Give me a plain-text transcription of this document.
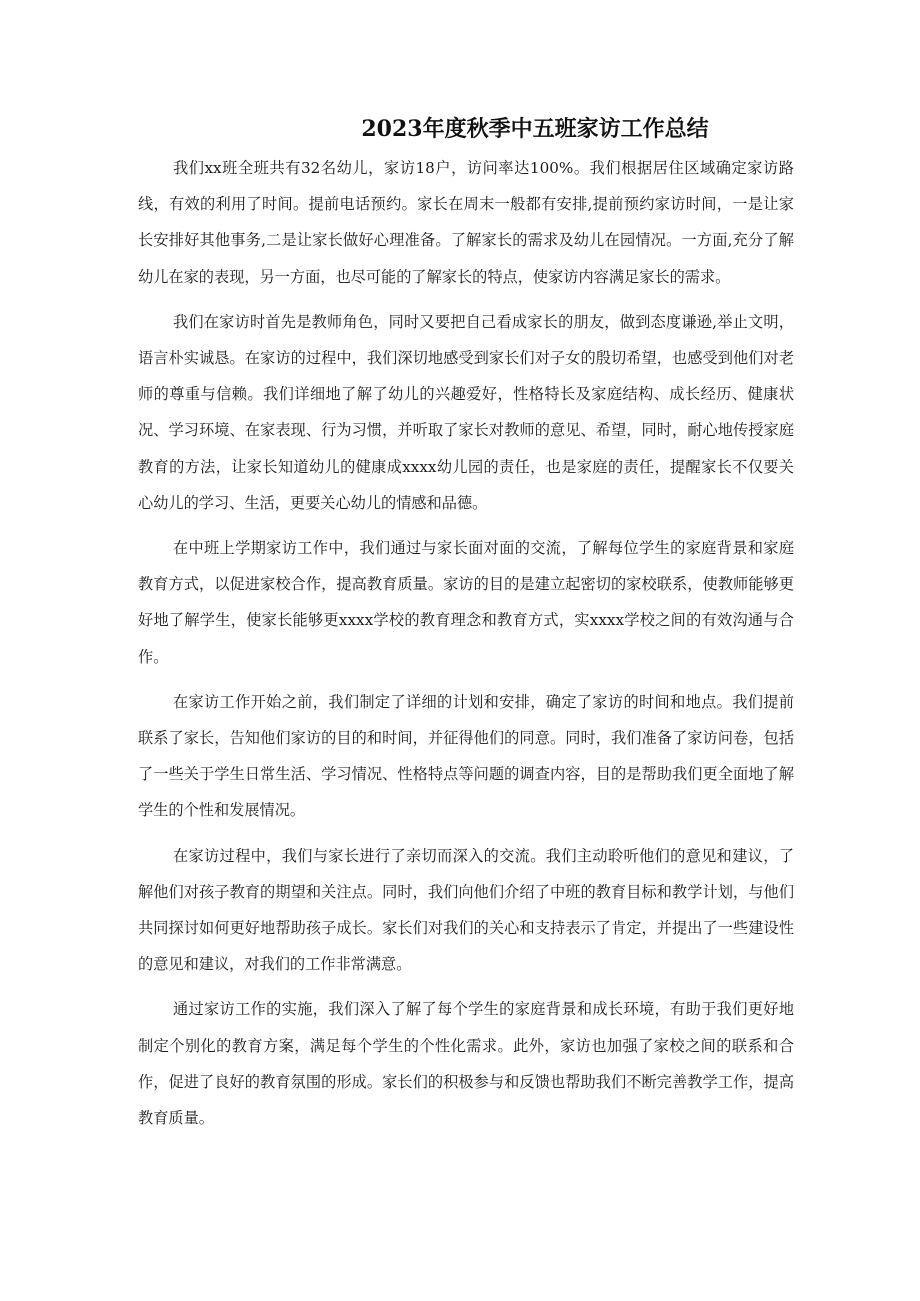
2023年度秋季中五班家访工作总结

我们xx班全班共有32名幼儿，家访18户，访问率达100%。我们根据居住区域确定家访路线，有效的利用了时间。提前电话预约。家长在周末一般都有安排,提前预约家访时间，一是让家长安排好其他事务,二是让家长做好心理准备。了解家长的需求及幼儿在园情况。一方面,充分了解幼儿在家的表现，另一方面，也尽可能的了解家长的特点，使家访内容满足家长的需求。

我们在家访时首先是教师角色，同时又要把自己看成家长的朋友，做到态度谦逊,举止文明，语言朴实诚恳。在家访的过程中，我们深切地感受到家长们对子女的殷切希望，也感受到他们对老师的尊重与信赖。我们详细地了解了幼儿的兴趣爱好，性格特长及家庭结构、成长经历、健康状况、学习环境、在家表现、行为习惯，并听取了家长对教师的意见、希望，同时，耐心地传授家庭教育的方法，让家长知道幼儿的健康成xxxx幼儿园的责任，也是家庭的责任，提醒家长不仅要关心幼儿的学习、生活，更要关心幼儿的情感和品德。

在中班上学期家访工作中，我们通过与家长面对面的交流，了解每位学生的家庭背景和家庭教育方式，以促进家校合作，提高教育质量。家访的目的是建立起密切的家校联系，使教师能够更好地了解学生，使家长能够更xxxx学校的教育理念和教育方式，实xxxx学校之间的有效沟通与合作。

在家访工作开始之前，我们制定了详细的计划和安排，确定了家访的时间和地点。我们提前联系了家长，告知他们家访的目的和时间，并征得他们的同意。同时，我们准备了家访问卷，包括了一些关于学生日常生活、学习情况、性格特点等问题的调查内容，目的是帮助我们更全面地了解学生的个性和发展情况。

在家访过程中，我们与家长进行了亲切而深入的交流。我们主动聆听他们的意见和建议，了解他们对孩子教育的期望和关注点。同时，我们向他们介绍了中班的教育目标和教学计划，与他们共同探讨如何更好地帮助孩子成长。家长们对我们的关心和支持表示了肯定，并提出了一些建设性的意见和建议，对我们的工作非常满意。

通过家访工作的实施，我们深入了解了每个学生的家庭背景和成长环境，有助于我们更好地制定个别化的教育方案，满足每个学生的个性化需求。此外，家访也加强了家校之间的联系和合作，促进了良好的教育氛围的形成。家长们的积极参与和反馈也帮助我们不断完善教学工作，提高教育质量。
